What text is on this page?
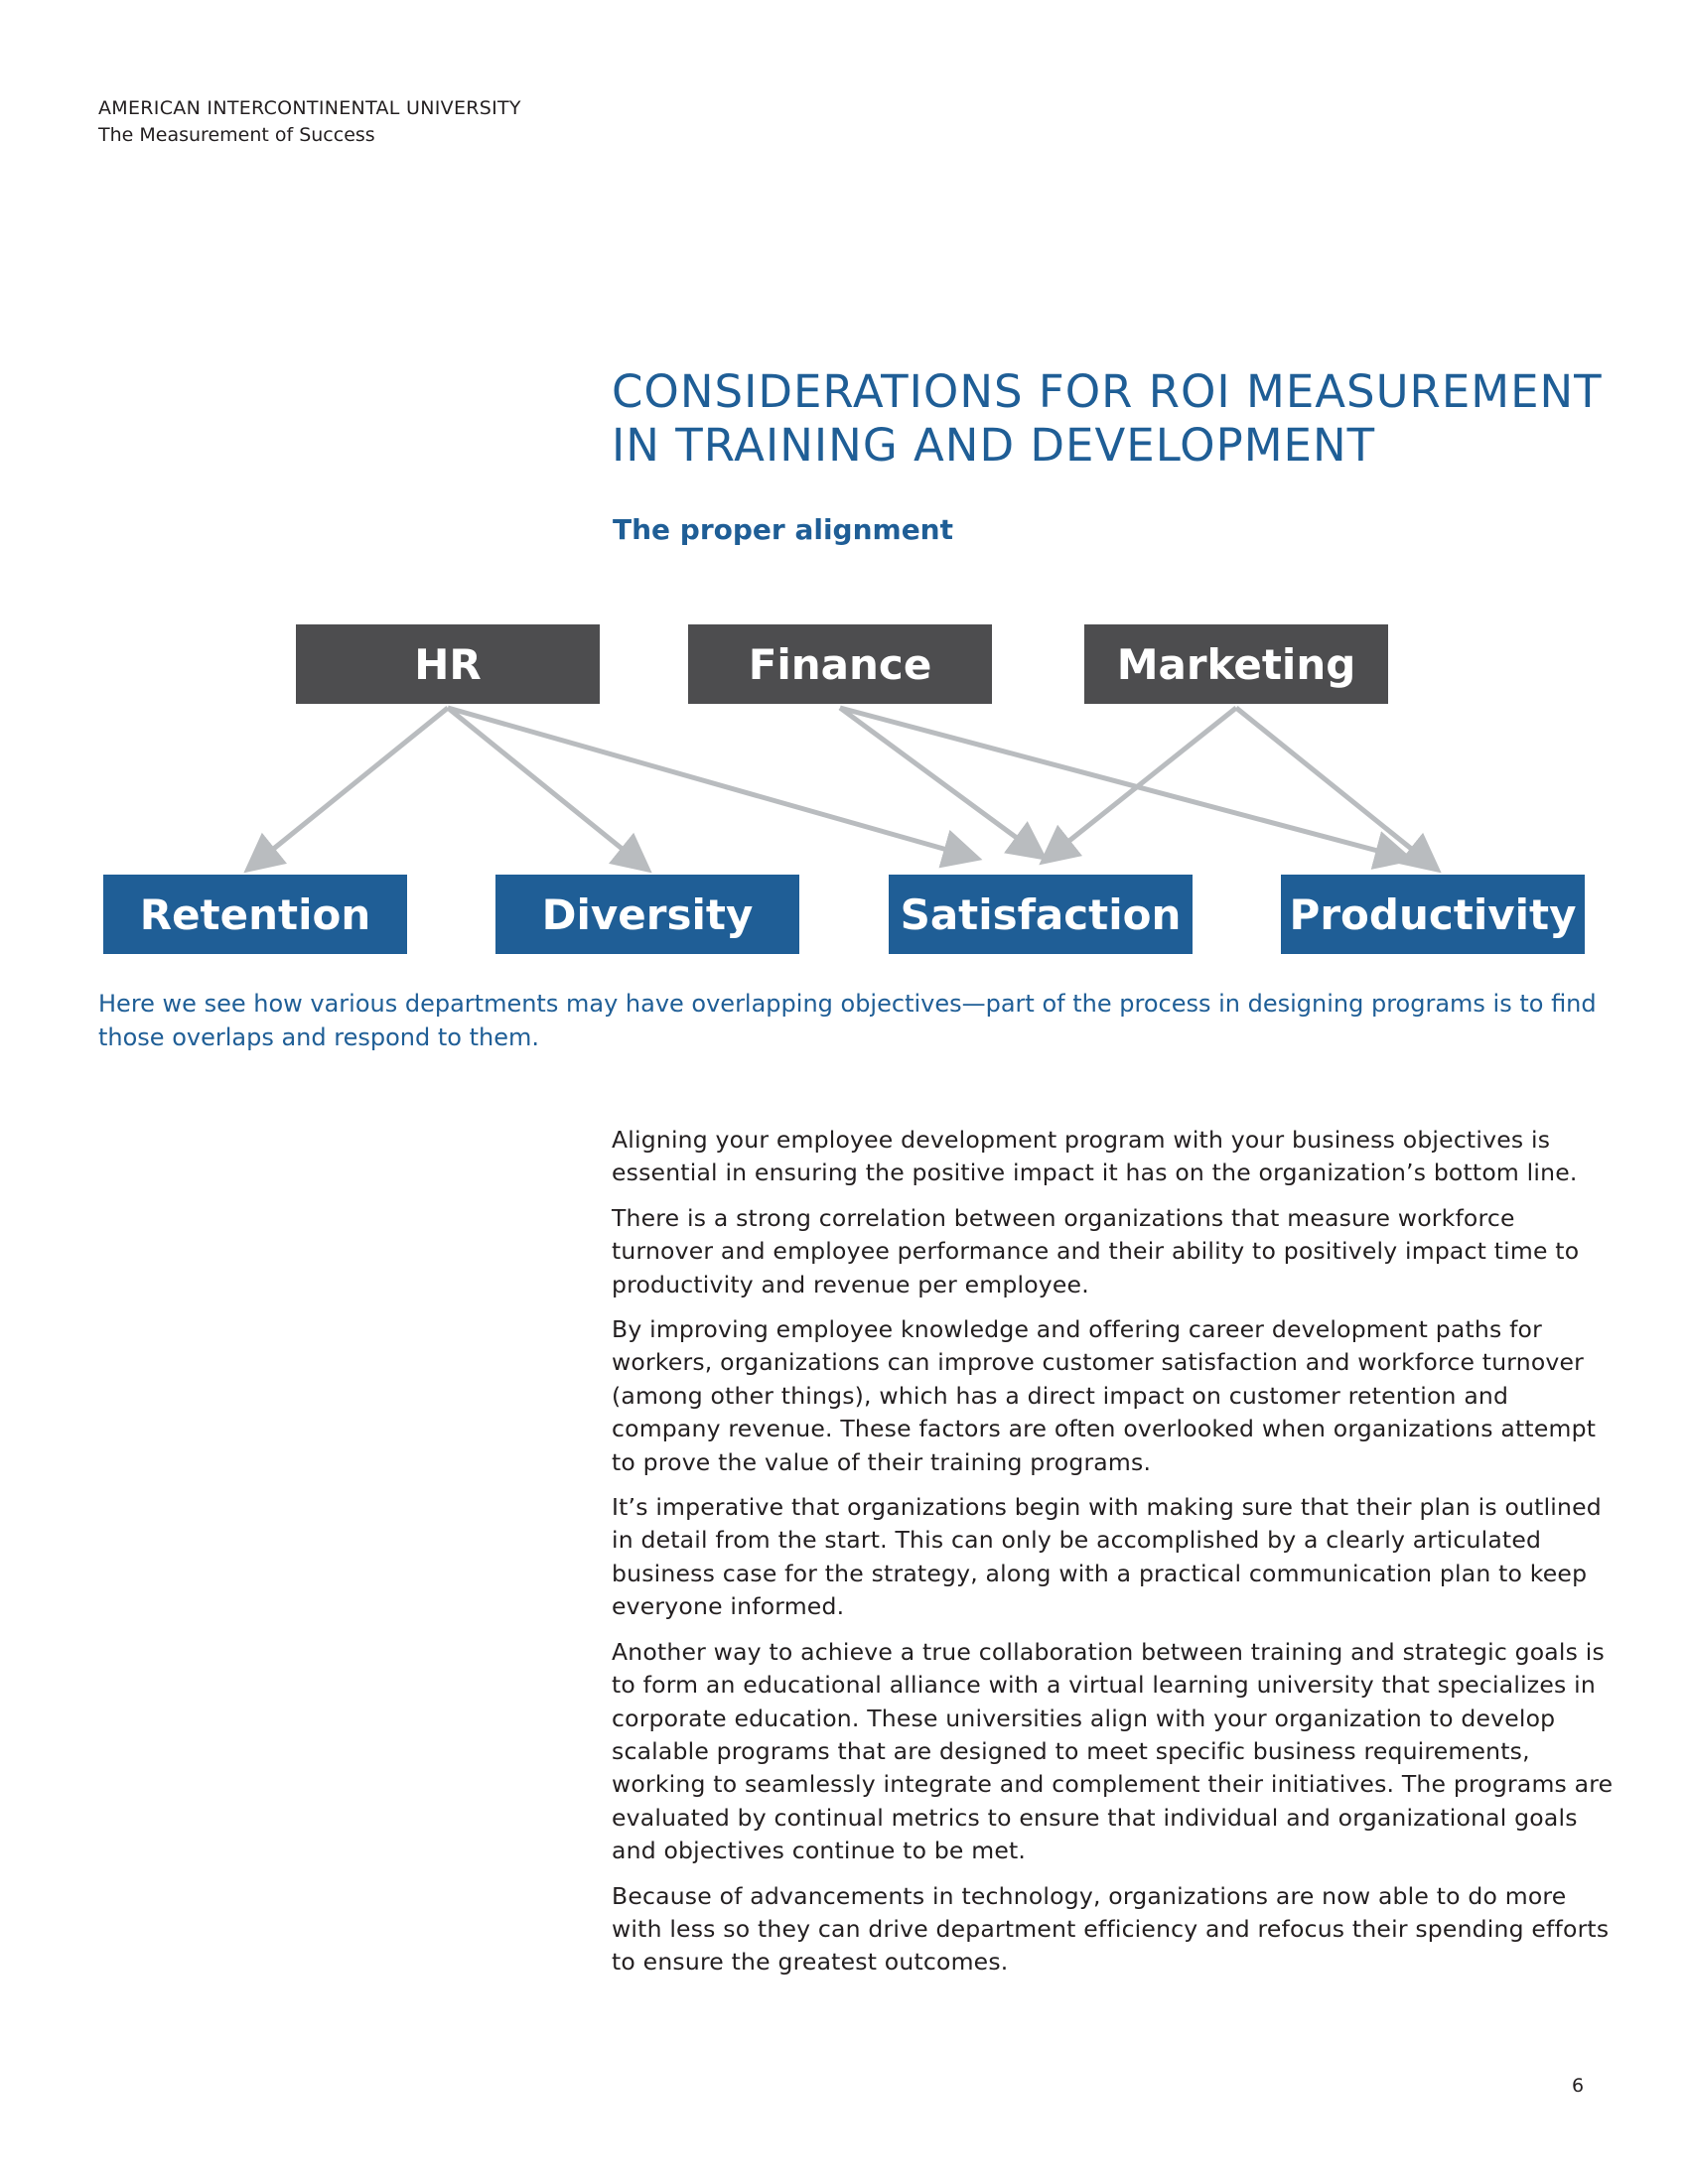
AMERICAN INTERCONTINENTAL UNIVERSITY
The Measurement of Success
CONSIDERATIONS FOR ROI MEASUREMENT
IN TRAINING AND DEVELOPMENT
The proper alignment
HR	Finance	Marketing
Retention	Diversity	Satisfaction	Productivity
Here we see how various departments may have overlapping objectives—part of the process in designing programs is to find those overlaps and respond to them.

Aligning your employee development program with your business objectives is essential in ensuring the positive impact it has on the organization’s bottom line.

There is a strong correlation between organizations that measure workforce turnover and employee performance and their ability to positively impact time to productivity and revenue per employee.

By improving employee knowledge and offering career development paths for workers, organizations can improve customer satisfaction and workforce turnover (among other things), which has a direct impact on customer retention and company revenue. These factors are often overlooked when organizations attempt to prove the value of their training programs.

It’s imperative that organizations begin with making sure that their plan is outlined in detail from the start. This can only be accomplished by a clearly articulated business case for the strategy, along with a practical communication plan to keep everyone informed.

Another way to achieve a true collaboration between training and strategic goals is to form an educational alliance with a virtual learning university that specializes in corporate education. These universities align with your organization to develop scalable programs that are designed to meet specific business requirements, working to seamlessly integrate and complement their initiatives. The programs are evaluated by continual metrics to ensure that individual and organizational goals and objectives continue to be met.

Because of advancements in technology, organizations are now able to do more with less so they can drive department efficiency and refocus their spending efforts to ensure the greatest outcomes.

6
